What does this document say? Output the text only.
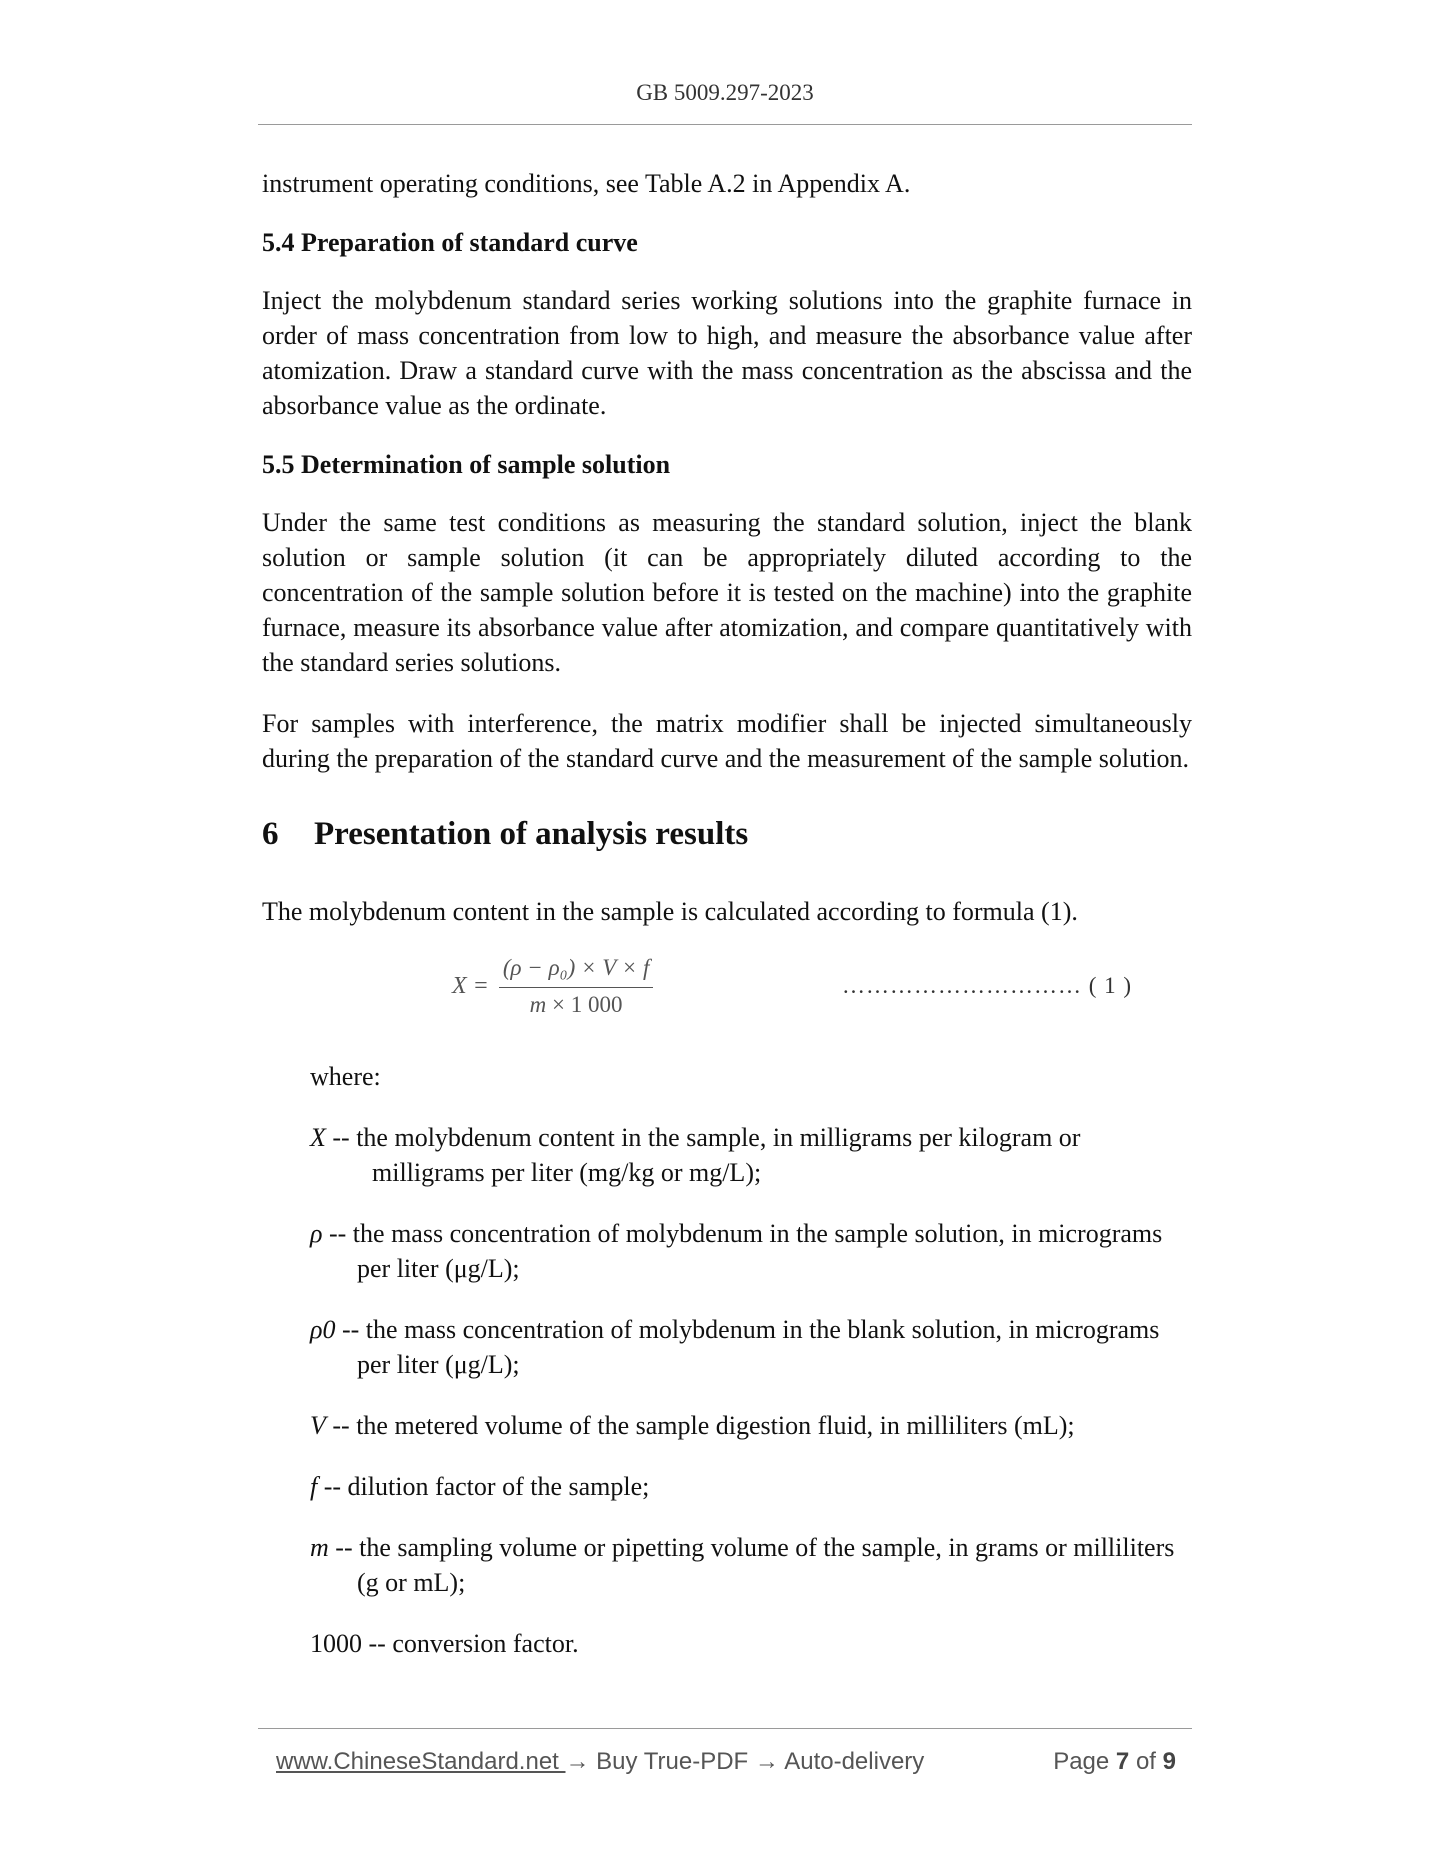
GB 5009.297-2023

instrument operating conditions, see Table A.2 in Appendix A.

5.4 Preparation of standard curve

Inject the molybdenum standard series working solutions into the graphite furnace in order of mass concentration from low to high, and measure the absorbance value after atomization. Draw a standard curve with the mass concentration as the abscissa and the absorbance value as the ordinate.

5.5 Determination of sample solution

Under the same test conditions as measuring the standard solution, inject the blank solution or sample solution (it can be appropriately diluted according to the concentration of the sample solution before it is tested on the machine) into the graphite furnace, measure its absorbance value after atomization, and compare quantitatively with the standard series solutions.

For samples with interference, the matrix modifier shall be injected simultaneously during the preparation of the standard curve and the measurement of the sample solution.

6	Presentation of analysis results

The molybdenum content in the sample is calculated according to formula (1).

$X = \frac{\text{(ρ − ρ₀) × V × f}}{m \times 1 000}$	………………………… ( 1 )

where:

X -- the molybdenum content in the sample, in milligrams per kilogram or
milligrams per liter (mg/kg or mg/L);
ρ -- the mass concentration of molybdenum in the sample solution, in micrograms
per liter (μg/L);
ρ0 -- the mass concentration of molybdenum in the blank solution, in micrograms
per liter (μg/L);
V -- the metered volume of the sample digestion fluid, in milliliters (mL);
f -- dilution factor of the sample;
m -- the sampling volume or pipetting volume of the sample, in grams or milliliters
(g or mL);
1000 -- conversion factor.
www.ChineseStandard.net → Buy True-PDF → Auto-delivery	Page 7 of 9
